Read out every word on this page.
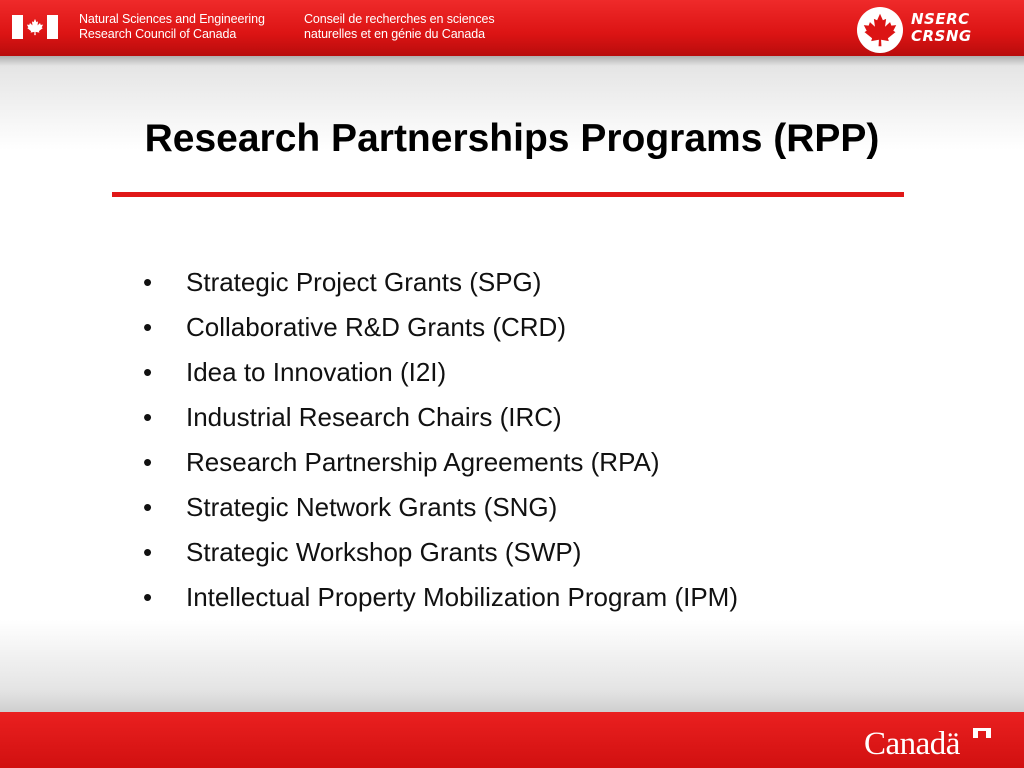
Natural Sciences and Engineering
Research Council of Canada
Conseil de recherches en sciences
naturelles et en génie du Canada
NSERC
CRSNG
Research Partnerships Programs (RPP)
• Strategic Project Grants (SPG)
• Collaborative R&D Grants (CRD)
• Idea to Innovation (I2I)
• Industrial Research Chairs (IRC)
• Research Partnership Agreements (RPA)
• Strategic Network Grants (SNG)
• Strategic Workshop Grants (SWP)
• Intellectual Property Mobilization Program (IPM)
Canadä
